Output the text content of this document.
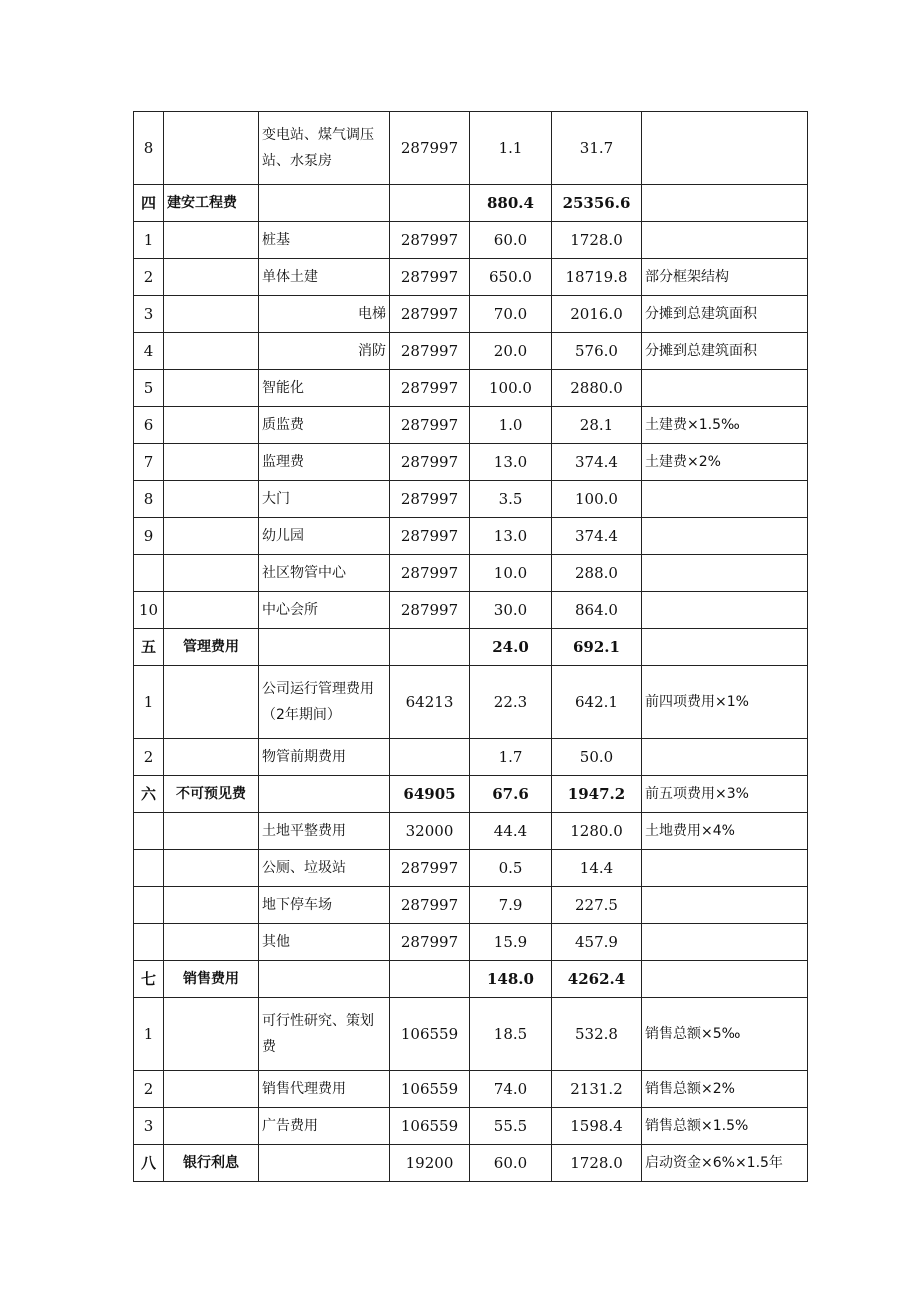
8		变电站、煤气调压站、水泵房	287997	1.1	31.7	
四	建安工程费			880.4	25356.6	
1		桩基	287997	60.0	1728.0	
2		单体土建	287997	650.0	18719.8	部分框架结构
3		电梯	287997	70.0	2016.0	分摊到总建筑面积
4		消防	287997	20.0	576.0	分摊到总建筑面积
5		智能化	287997	100.0	2880.0	
6		质监费	287997	1.0	28.1	土建费×1.5‰
7		监理费	287997	13.0	374.4	土建费×2%
8		大门	287997	3.5	100.0	
9		幼儿园	287997	13.0	374.4	
		社区物管中心	287997	10.0	288.0	
10		中心会所	287997	30.0	864.0	
五	管理费用			24.0	692.1	
1		公司运行管理费用（2年期间）	64213	22.3	642.1	前四项费用×1%
2		物管前期费用		1.7	50.0	
六	不可预见费		64905	67.6	1947.2	前五项费用×3%
		土地平整费用	32000	44.4	1280.0	土地费用×4%
		公厕、垃圾站	287997	0.5	14.4	
		地下停车场	287997	7.9	227.5	
		其他	287997	15.9	457.9	
七	销售费用			148.0	4262.4	
1		可行性研究、策划费	106559	18.5	532.8	销售总额×5‰
2		销售代理费用	106559	74.0	2131.2	销售总额×2%
3		广告费用	106559	55.5	1598.4	销售总额×1.5%
八	银行利息		19200	60.0	1728.0	启动资金×6%×1.5年
